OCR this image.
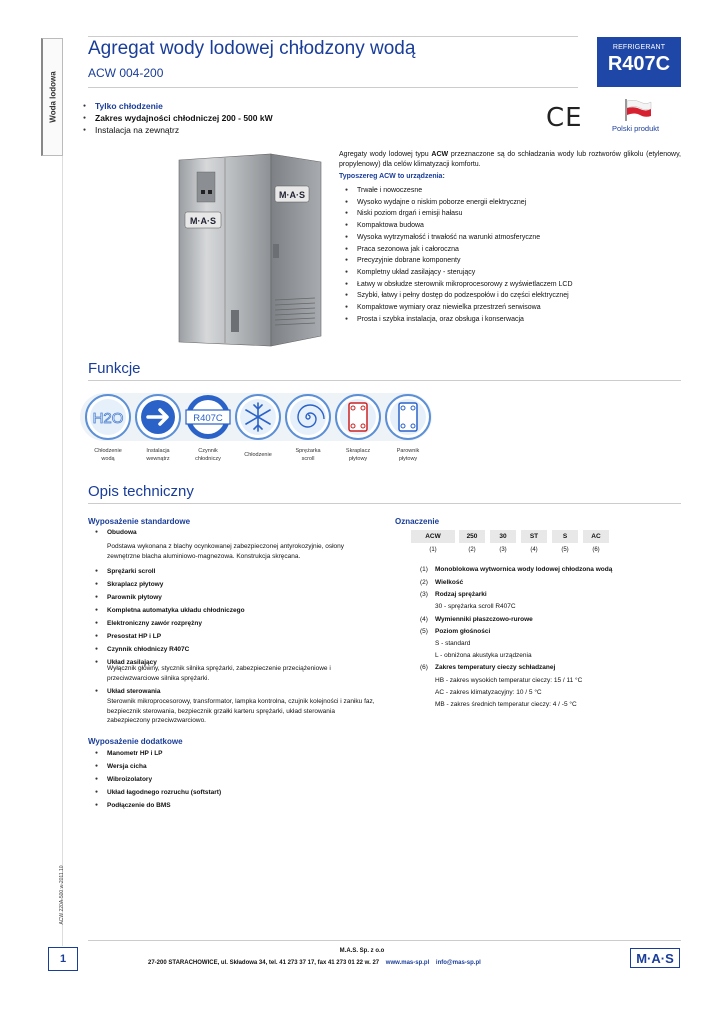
Woda lodowa
Agregat wody lodowej chłodzony wodą
ACW 004-200
REFRIGERANT
R407C
● Tylko chłodzenie
● Zakres wydajności chłodniczej 200 - 500 kW
● Instalacja na zewnątrz	CE	Polski produkt
M·A·S
M·A·S
Agregaty wody lodowej typu ACW przeznaczone są do schładzania wody lub roztworów glikolu (etylenowy, propylenowy) dla celów klimatyzacji komfortu.
Typoszereg ACW to urządzenia:
● Trwałe i nowoczesne
● Wysoko wydajne o niskim poborze energii elektrycznej
● Niski poziom drgań i emisji hałasu
● Kompaktowa budowa
● Wysoka wytrzymałość i trwałość na warunki atmosferyczne
● Praca sezonowa jak i całoroczna
● Precyzyjnie dobrane komponenty
● Kompletny układ zasilający - sterujący
● Łatwy w obsłudze sterownik mikroprocesorowy z wyświetlaczem LCD
● Szybki, łatwy i pełny dostęp do podzespołów i do części elektrycznej
● Kompaktowe wymiary oraz niewielka przestrzeń serwisowa
● Prosta i szybka instalacja, oraz obsługa i konserwacja
Funkcje
H2O	R407C
Chłodzenie
wodą
Instalacja
wewnątrz
Czynnik
chłodniczy
Chłodzenie
Sprężarka
scroll
Skraplacz
płytowy
Parownik
płytowy
Opis techniczny
Wyposażenie standardowe
● Obudowa
Podstawa wykonana z blachy ocynkowanej zabezpieczonej antyrokozyjnie, osłony zewnętrzne blacha aluminiowo-magnezowa. Konstrukcja skręcana.
● Sprężarki scroll
● Skraplacz płytowy
● Parownik płytowy
● Kompletna automatyka układu chłodniczego
● Elektroniczny zawór rozprężny
● Presostat HP i LP
● Czynnik chłodniczy R407C
● Układ zasilający
Wyłącznik główny, stycznik silnika sprężarki, zabezpieczenie przeciążeniowe i przeciwzwarciowe silnika sprężarki.
● Układ sterowania
Sterownik mikroprocesorowy, transformator, lampka kontrolna, czujnik kolejności i zaniku faz, bezpiecznik sterowania, bezpiecznik grzałki karteru sprężarki, układ sterowania zabezpieczony przeciwzwarciowo.
Wyposażenie dodatkowe
● Manometr HP i LP
● Wersja cicha
● Wibroizolatory
● Układ łagodnego rozruchu (softstart)
● Podłączenie do BMS
Oznaczenie
ACW	250	30	ST	S	AC
(1)	(2)	(3)	(4)	(5)	(6)
(1) Monoblokowa wytwornica wody lodowej chłodzona wodą
(2) Wielkość
(3) Rodzaj sprężarki
30 - sprężarka scroll R407C
(4) Wymienniki płaszczowo-rurowe
(5) Poziom głośności
S - standard
L - obniżona akustyka urządzenia
(6) Zakres temperatury cieczy schładzanej
HB - zakres wysokich temperatur cieczy: 15 / 11 °C
AC - zakres klimatyzacyjny: 10 / 5 °C
MB - zakres średnich temperatur cieczy: 4 / -5 °C
ACW 220A-500 w-2011.10
1
M.A.S. Sp. z o.o
27-200 STARACHOWICE, ul. Składowa 34, tel. 41 273 37 17, fax 41 273 01 22 w. 27 www.mas-sp.pl info@mas-sp.pl	M·A·S
